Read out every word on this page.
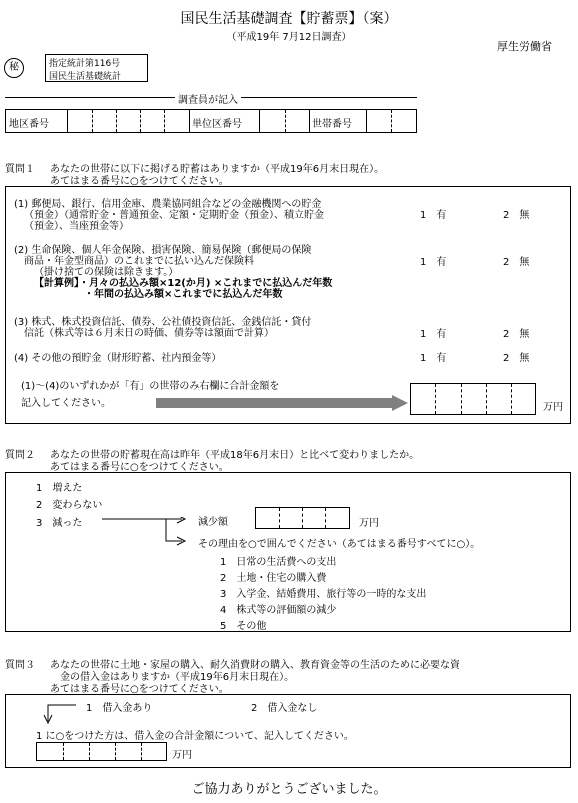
国民生活基礎調査【貯蓄票】（案）
（平成19年 7月12日調査）
厚生労働省
秘	指定統計第116号
国民生活基礎統計
調査員が記入
地区番号	単位区番号	世帯番号
質問１ あなたの世帯に以下に掲げる貯蓄はありますか（平成19年6月末日現在）。
あてはまる番号に○をつけてください。
(1) 郵便局、銀行、信用金庫、農業協同組合などの金融機関への貯金
（預金）（通常貯金・普通預金、定額・定期貯金（預金）、積立貯金
（預金）、当座預金等）
1　有	2　無
(2) 生命保険、個人年金保険、損害保険、簡易保険（郵便局の保険
商品・年金型商品）のこれまでに払い込んだ保険料
（掛け捨ての保険は除きます。）
【計算例】・月々の払込み額×12(か月) ×これまでに払込んだ年数
・年間の払込み額×これまでに払込んだ年数
1　有	2　無
(3) 株式、株式投資信託、債券、公社債投資信託、金銭信託・貸付
信託（株式等は６月末日の時価、債券等は額面で計算）	1　有	2　無
(4) その他の預貯金（財形貯蓄、社内預金等）	1　有	2　無
(1)～(4)のいずれかが「有」の世帯のみ右欄に合計金額を
記入してください。	万円
質問２ あなたの世帯の貯蓄現在高は昨年（平成18年6月末日）と比べて変わりましたか。
あてはまる番号に○をつけてください。
1　増えた
2　変わらない
3　減った	減少額	万円
その理由を○で囲んでください（あてはまる番号すべてに○）。
1　日常の生活費への支出
2　土地・住宅の購入費
3　入学金、結婚費用、旅行等の一時的な支出
4　株式等の評価額の減少
5　その他
質問３ あなたの世帯に土地・家屋の購入、耐久消費財の購入、教育資金等の生活のために必要な資
金の借入金はありますか（平成19年6月末日現在）。
あてはまる番号に○をつけてください。
1　借入金あり	2　借入金なし
1 に○をつけた方は、借入金の合計金額について、記入してください。
万円
ご協力ありがとうございました。
